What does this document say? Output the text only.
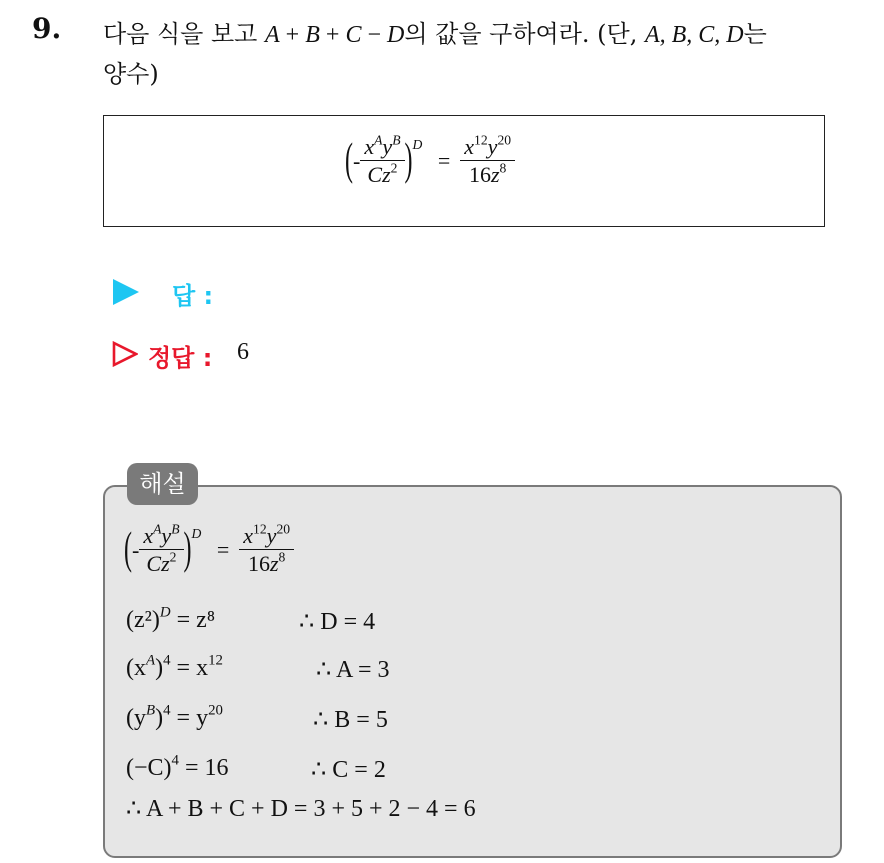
9. 다음 식을 보고 A + B + C − D의 값을 구하여라. (단, A, B, C, D는
양수)
(- $\frac{x^Ay^B}{Cz^2} )^D = \frac{x^{12}y^{20}}{16z^8}$
답 :
정답 : 6
해설
(- $\frac{x^Ay^B}{Cz^2} )^D = \frac{x^{12}y^{20}}{16z^8}$
$(z^2)^D = z^8$	∴ D = 4
$(x^A)^4 = x^{12}$	∴ A = 3
$(y^B)^4 = y^{20}$	∴ B = 5
$(-C)^4 = 16$	∴ C = 2
∴ A + B + C + D = 3 + 5 + 2 − 4 = 6
